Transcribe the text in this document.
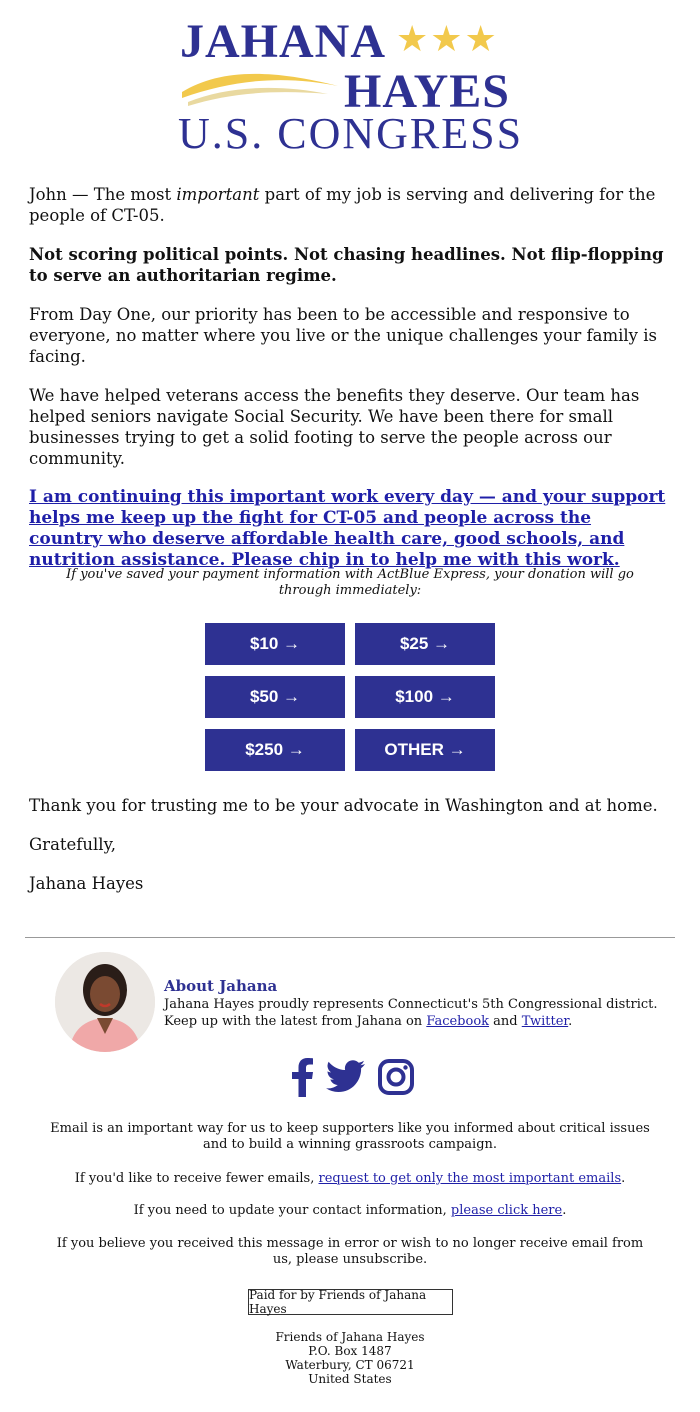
JAHANA ★★★
HAYES
U.S. CONGRESS

John — The most important part of my job is serving and delivering for the people of CT-05.

Not scoring political points. Not chasing headlines. Not flip-flopping to serve an authoritarian regime.

From Day One, our priority has been to be accessible and responsive to everyone, no matter where you live or the unique challenges your family is facing.

We have helped veterans access the benefits they deserve. Our team has helped seniors navigate Social Security. We have been there for small businesses trying to get a solid footing to serve the people across our community.

I am continuing this important work every day — and your support helps me keep up the fight for CT-05 and people across the country who deserve affordable health care, good schools, and nutrition assistance. Please chip in to help me with this work.

If you've saved your payment information with ActBlue Express, your donation will go through immediately:
$10 →	$25 →
$50 →	$100 →
$250 →	OTHER →

Thank you for trusting me to be your advocate in Washington and at home.

Gratefully,

Jahana Hayes

About Jahana
Jahana Hayes proudly represents Connecticut's 5th Congressional district.
Keep up with the latest from Jahana on Facebook and Twitter.
Email is an important way for us to keep supporters like you informed about critical issues and to build a winning grassroots campaign.
If you'd like to receive fewer emails, request to get only the most important emails.
If you need to update your contact information, please click here.
If you believe you received this message in error or wish to no longer receive email from us, please unsubscribe.
Paid for by Friends of Jahana Hayes
Friends of Jahana Hayes
P.O. Box 1487
Waterbury, CT 06721
United States
